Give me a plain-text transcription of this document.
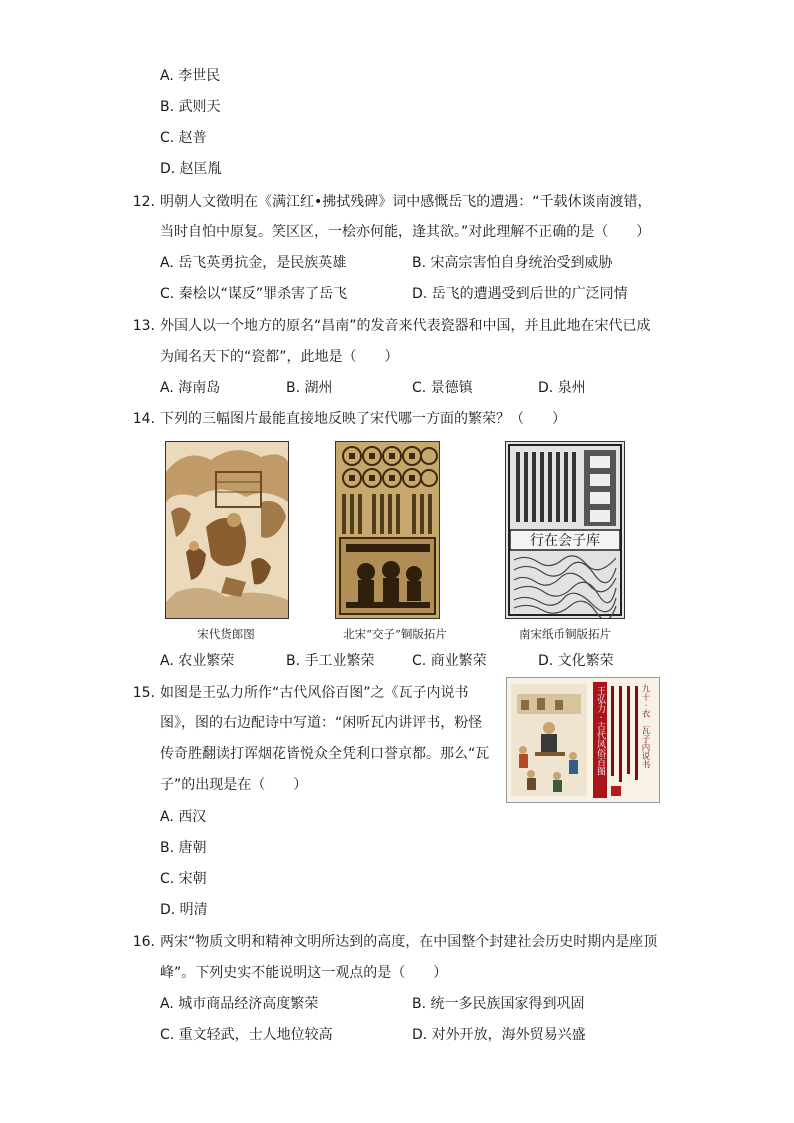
A. 李世民
B. 武则天
C. 赵普
D. 赵匡胤
12. 明朝人文徵明在《满江红•拂拭残碑》词中感慨岳飞的遭遇：“千载休谈南渡错，
当时自怕中原复。笑区区，一桧亦何能，逢其欲。”对此理解不正确的是（　　）
A. 岳飞英勇抗金，是民族英雄	B. 宋高宗害怕自身统治受到威胁
C. 秦桧以“谋反”罪杀害了岳飞	D. 岳飞的遭遇受到后世的广泛同情
13. 外国人以一个地方的原名“昌南”的发音来代表瓷器和中国，并且此地在宋代已成
为闻名天下的“瓷都”，此地是（　　）
A. 海南岛	B. 湖州	C. 景德镇	D. 泉州
14. 下列的三幅图片最能直接地反映了宋代哪一方面的繁荣？（　　）
宋代货郎图	北宋“交子”铜版拓片
行在会子库
南宋纸币铜版拓片
A. 农业繁荣	B. 手工业繁荣	C. 商业繁荣	D. 文化繁荣
15. 如图是王弘力所作“古代风俗百图”之《瓦子内说书
图》，图的右边配诗中写道：“闲听瓦内讲评书，粉怪
传奇胜翻读打诨烟花皆悦众全凭利口誉京都。那么“瓦
子”的出现是在（　　）
王弘力 · 古代风俗百图	九十 · 衣　瓦子内说书
A. 西汉
B. 唐朝
C. 宋朝
D. 明清
16. 两宋“物质文明和精神文明所达到的高度，在中国整个封建社会历史时期内是座顶
峰”。下列史实不能说明这一观点的是（　　）
A. 城市商品经济高度繁荣	B. 统一多民族国家得到巩固
C. 重文轻武，士人地位较高	D. 对外开放，海外贸易兴盛
